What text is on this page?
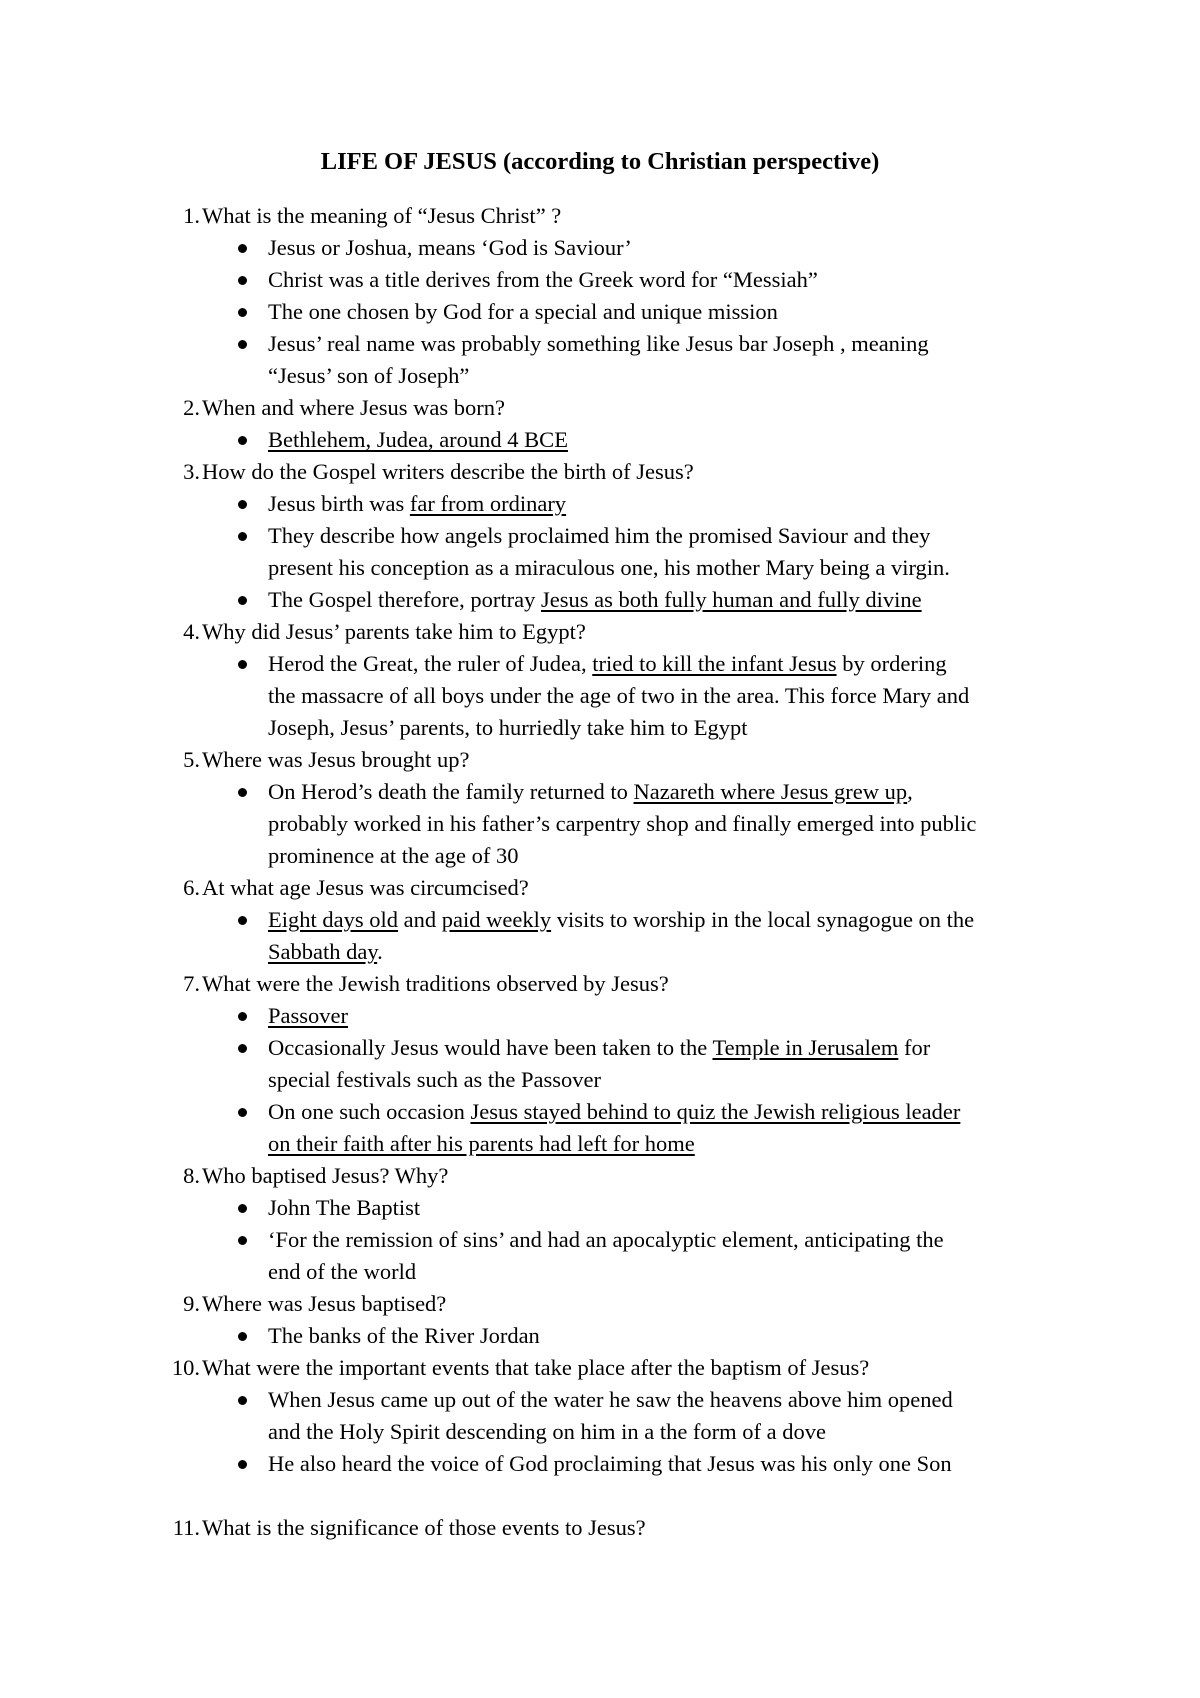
LIFE OF JESUS (according to Christian perspective)
1. What is the meaning of “Jesus Christ” ?
Jesus or Joshua, means ‘God is Saviour’
Christ was a title derives from the Greek word for “Messiah”
The one chosen by God for a special and unique mission
Jesus’ real name was probably something like Jesus bar Joseph , meaning
“Jesus’ son of Joseph”
2. When and where Jesus was born?
Bethlehem, Judea, around 4 BCE
3. How do the Gospel writers describe the birth of Jesus?
Jesus birth was far from ordinary
They describe how angels proclaimed him the promised Saviour and they
present his conception as a miraculous one, his mother Mary being a virgin.
The Gospel therefore, portray Jesus as both fully human and fully divine
4. Why did Jesus’ parents take him to Egypt?
Herod the Great, the ruler of Judea, tried to kill the infant Jesus by ordering
the massacre of all boys under the age of two in the area. This force Mary and
Joseph, Jesus’ parents, to hurriedly take him to Egypt
5. Where was Jesus brought up?
On Herod’s death the family returned to Nazareth where Jesus grew up,
probably worked in his father’s carpentry shop and finally emerged into public
prominence at the age of 30
6. At what age Jesus was circumcised?
Eight days old and paid weekly visits to worship in the local synagogue on the
Sabbath day.
7. What were the Jewish traditions observed by Jesus?
Passover
Occasionally Jesus would have been taken to the Temple in Jerusalem for
special festivals such as the Passover
On one such occasion Jesus stayed behind to quiz the Jewish religious leader
on their faith after his parents had left for home
8. Who baptised Jesus? Why?
John The Baptist
‘For the remission of sins’ and had an apocalyptic element, anticipating the
end of the world
9. Where was Jesus baptised?
The banks of the River Jordan
10. What were the important events that take place after the baptism of Jesus?
When Jesus came up out of the water he saw the heavens above him opened
and the Holy Spirit descending on him in a the form of a dove
He also heard the voice of God proclaiming that Jesus was his only one Son
11. What is the significance of those events to Jesus?
